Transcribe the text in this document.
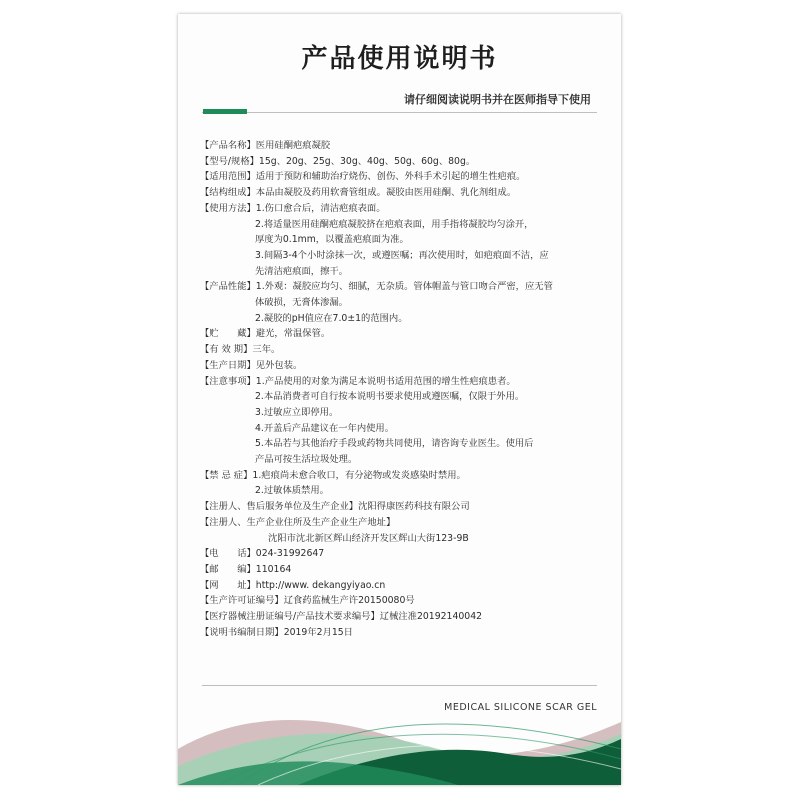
产品使用说明书
请仔细阅读说明书并在医师指导下使用
【产品名称】 医用硅酮疤痕凝胶
【型号/规格】 15g、20g、25g、30g、40g、50g、60g、80g。
【适用范围】 适用于预防和辅助治疗烧伤、创伤、外科手术引起的增生性疤痕。
【结构组成】 本品由凝胶及药用软膏管组成。凝胶由医用硅酮、乳化剂组成。
【使用方法】 1.伤口愈合后，清洁疤痕表面。
2.将适量医用硅酮疤痕凝胶挤在疤痕表面，用手指将凝胶均匀涂开，
厚度为0.1mm，以覆盖疤痕面为准。
3.间隔3-4个小时涂抹一次，或遵医嘱；再次使用时，如疤痕面不洁，应
先清洁疤痕面，擦干。
【产品性能】 1.外观：凝胶应均匀、细腻，无杂质。管体帽盖与管口吻合严密，应无管
体破损，无膏体渗漏。
2.凝胶的pH值应在7.0±1的范围内。
【贮　　藏】 避光，常温保管。
【有 效 期】 三年。
【生产日期】 见外包装。
【注意事项】 1.产品使用的对象为满足本说明书适用范围的增生性疤痕患者。
2.本品消费者可自行按本说明书要求使用或遵医嘱，仅限于外用。
3.过敏应立即停用。
4.开盖后产品建议在一年内使用。
5.本品若与其他治疗手段或药物共同使用，请咨询专业医生。使用后
产品可按生活垃圾处理。
【禁 忌 症】 1.疤痕尚未愈合收口，有分泌物或发炎感染时禁用。
2.过敏体质禁用。
【注册人、售后服务单位及生产企业】 沈阳得康医药科技有限公司
【注册人、生产企业住所及生产企业生产地址】
沈阳市沈北新区辉山经济开发区辉山大街123-9B
【电　　话】 024-31992647
【邮　　编】 110164
【网　　址】 http://www. dekangyiyao.cn
【生产许可证编号】 辽食药监械生产许20150080号
【医疗器械注册证编号/产品技术要求编号】 辽械注准20192140042
【说明书编制日期】 2019年2月15日
MEDICAL SILICONE SCAR GEL
